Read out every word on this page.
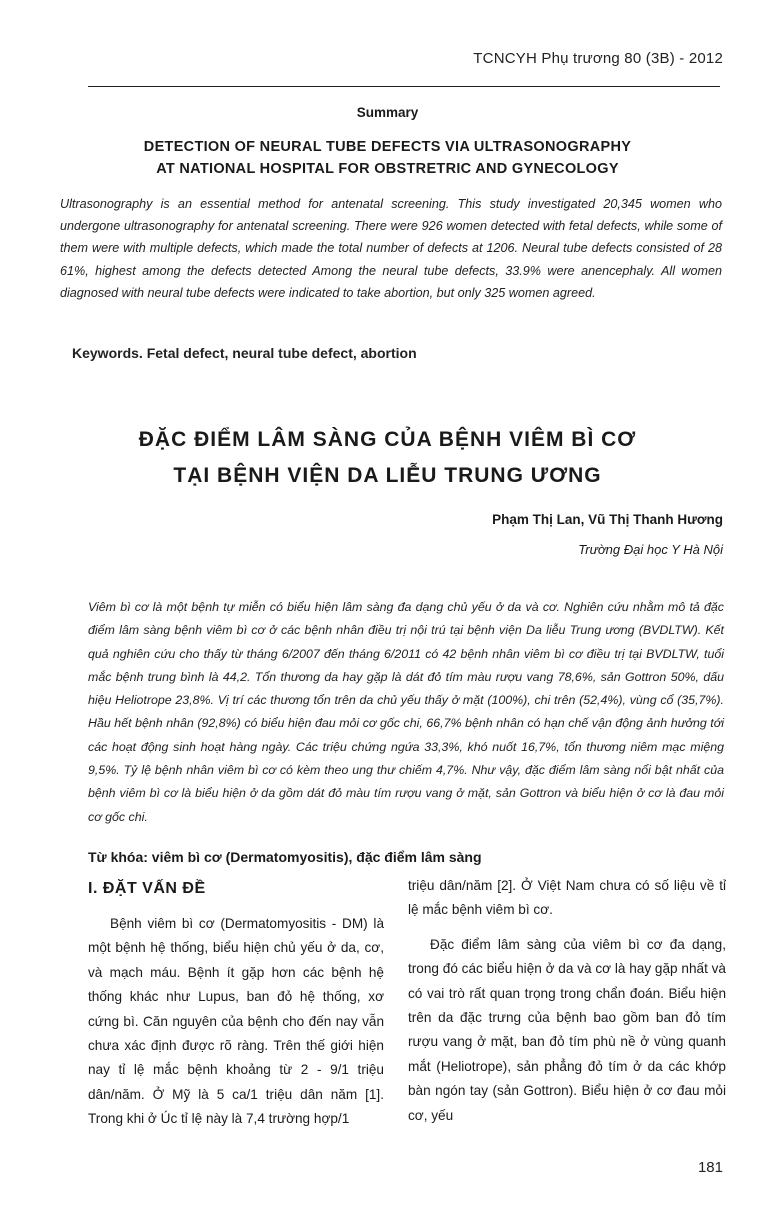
TCNCYH Phụ trương 80 (3B) - 2012
Summary
DETECTION OF NEURAL TUBE DEFECTS VIA ULTRASONOGRAPHY
AT NATIONAL HOSPITAL FOR OBSTRETRIC AND GYNECOLOGY
Ultrasonography is an essential method for antenatal screening. This study investigated 20,345 women who undergone ultrasonography for antenatal screening. There were 926 women detected with fetal defects, while some of them were with multiple defects, which made the total number of defects at 1206. Neural tube defects consisted of 28 61%, highest among the defects detected Among the neural tube defects, 33.9% were anencephaly. All women diagnosed with neural tube defects were indicated to take abortion, but only 325 women agreed.
Keywords. Fetal defect, neural tube defect, abortion
ĐẶC ĐIỂM LÂM SÀNG CỦA BỆNH VIÊM BÌ CƠ
TẠI BỆNH VIỆN DA LIỄU TRUNG ƯƠNG
Phạm Thị Lan, Vũ Thị Thanh Hương
Trường Đại học Y Hà Nội
Viêm bì cơ là một bệnh tự miễn có biểu hiện lâm sàng đa dạng chủ yếu ở da và cơ. Nghiên cứu nhằm mô tả đặc điểm lâm sàng bệnh viêm bì cơ ở các bệnh nhân điều trị nội trú tại bệnh viện Da liễu Trung ương (BVDLTW). Kết quả nghiên cứu cho thấy từ tháng 6/2007 đến tháng 6/2011 có 42 bệnh nhân viêm bì cơ điều trị tại BVDLTW, tuổi mắc bệnh trung bình là 44,2. Tổn thương da hay gặp là dát đỏ tím màu rượu vang 78,6%, sản Gottron 50%, dấu hiệu Heliotrope 23,8%. Vị trí các thương tổn trên da chủ yếu thấy ở mặt (100%), chi trên (52,4%), vùng cổ (35,7%). Hầu hết bệnh nhân (92,8%) có biểu hiện đau mỏi cơ gốc chi, 66,7% bệnh nhân có hạn chế vận động ảnh hưởng tới các hoạt động sinh hoạt hàng ngày. Các triệu chứng ngứa 33,3%, khó nuốt 16,7%, tổn thương niêm mạc miệng 9,5%. Tỷ lệ bệnh nhân viêm bì cơ có kèm theo ung thư chiếm 4,7%. Như vậy, đặc điểm lâm sàng nổi bật nhất của bệnh viêm bì cơ là biểu hiện ở da gồm dát đỏ màu tím rượu vang ở mặt, sản Gottron và biểu hiện ở cơ là đau mỏi cơ gốc chi.
Từ khóa: viêm bì cơ (Dermatomyositis), đặc điểm lâm sàng
I. ĐẶT VẤN ĐỀ

Bệnh viêm bì cơ (Dermatomyositis - DM) là một bệnh hệ thống, biểu hiện chủ yếu ở da, cơ, và mạch máu. Bệnh ít gặp hơn các bệnh hệ thống khác như Lupus, ban đỏ hệ thống, xơ cứng bì. Căn nguyên của bệnh cho đến nay vẫn chưa xác định được rõ ràng. Trên thế giới hiện nay tỉ lệ mắc bệnh khoảng từ 2 - 9/1 triệu dân/năm. Ở Mỹ là 5 ca/1 triệu dân năm [1]. Trong khi ở Úc tỉ lệ này là 7,4 trường hợp/1

triệu dân/năm [2]. Ở Việt Nam chưa có số liệu về tỉ lệ mắc bệnh viêm bì cơ.

Đặc điểm lâm sàng của viêm bì cơ đa dạng, trong đó các biểu hiện ở da và cơ là hay gặp nhất và có vai trò rất quan trọng trong chẩn đoán. Biểu hiện trên da đặc trưng của bệnh bao gồm ban đỏ tím rượu vang ở mặt, ban đỏ tím phù nề ở vùng quanh mắt (Heliotrope), sản phẳng đỏ tím ở da các khớp bàn ngón tay (sản Gottron). Biểu hiện ở cơ đau mỏi cơ, yếu

181
